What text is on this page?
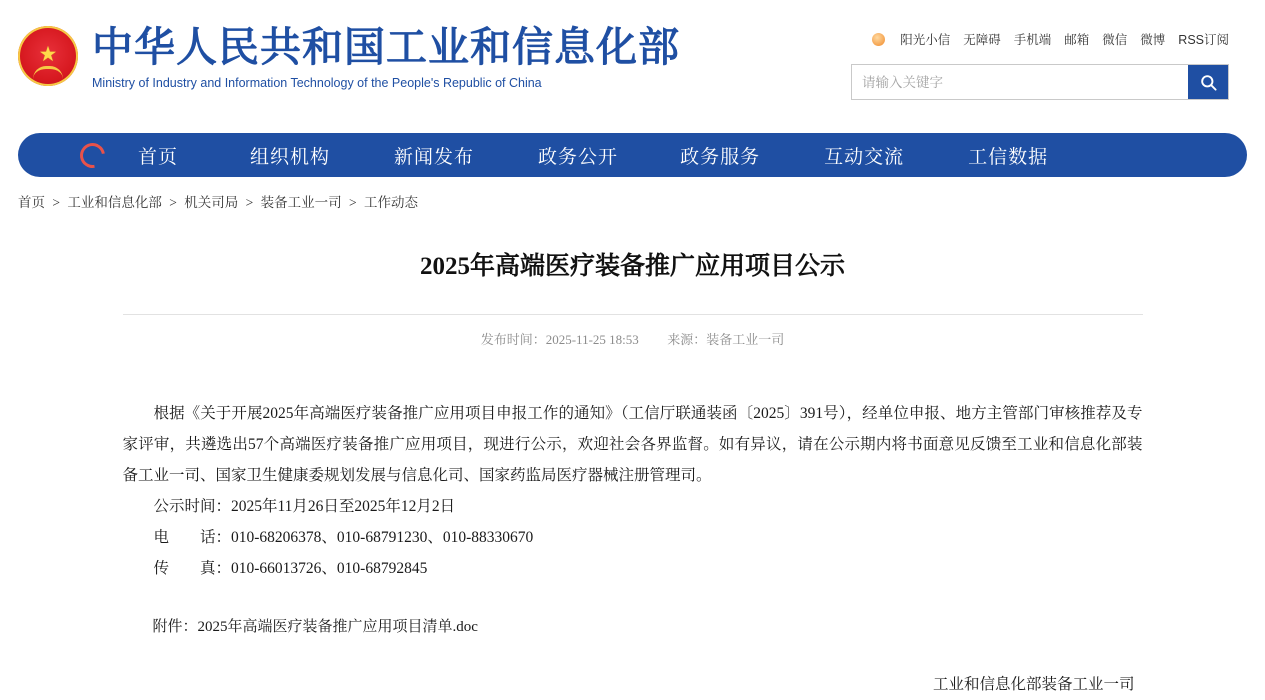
★ 中华人民共和国工业和信息化部
Ministry of Industry and Information Technology of the People's Republic of China
阳光小信 无障碍 手机端 邮箱 微信 微博 RSS订阅
请输入关键字
首页	组织机构	新闻发布	政务公开	政务服务	互动交流	工信数据
首页 > 工业和信息化部 > 机关司局 > 装备工业一司 > 工作动态
2025年高端医疗装备推广应用项目公示
发布时间：2025-11-25 18:53 来源：装备工业一司
根据《关于开展2025年高端医疗装备推广应用项目申报工作的通知》（工信厅联通装函〔2025〕391号），经单位申报、地方主管部门审核推荐及专家评审，共遴选出57个高端医疗装备推广应用项目，现进行公示，欢迎社会各界监督。如有异议，请在公示期内将书面意见反馈至工业和信息化部装备工业一司、国家卫生健康委规划发展与信息化司、国家药监局医疗器械注册管理司。
公示时间：2025年11月26日至2025年12月2日
电　　话：010-68206378、010-68791230、010-88330670
传　　真：010-66013726、010-68792845
附件：2025年高端医疗装备推广应用项目清单.doc
工业和信息化部装备工业一司
